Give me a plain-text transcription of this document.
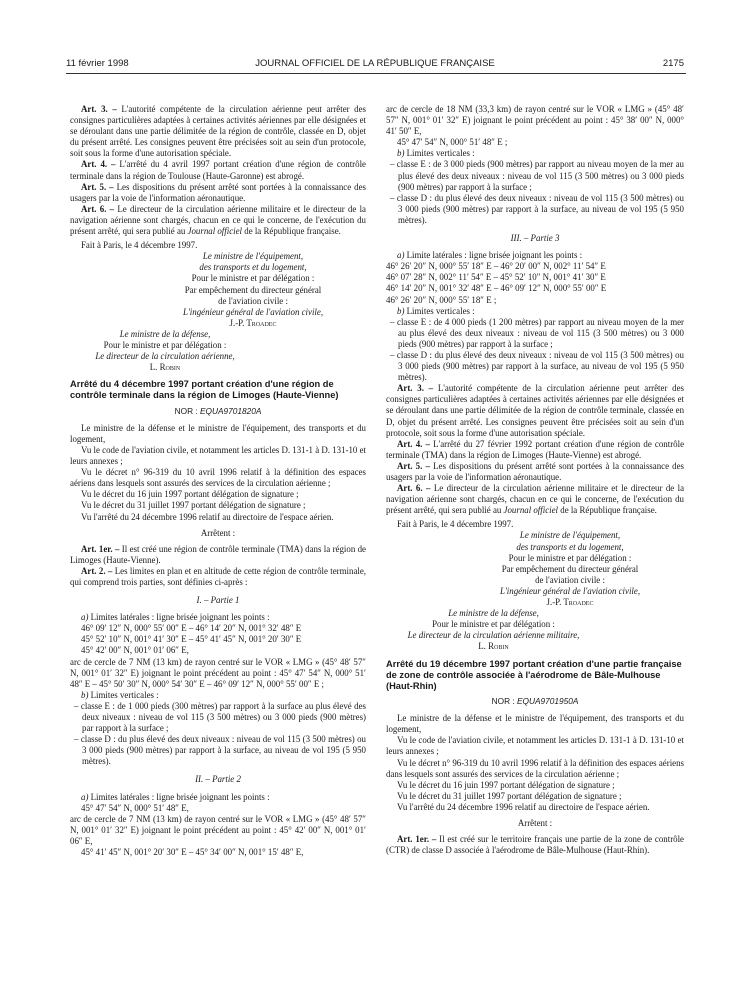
11 février 1998	JOURNAL OFFICIEL DE LA RÉPUBLIQUE FRANÇAISE	2175

Art. 3. – L'autorité compétente de la circulation aérienne peut arrêter des consignes particulières adaptées à certaines activités aériennes par elle désignées et se déroulant dans une partie délimitée de la région de contrôle, classée en D, objet du présent arrêté. Les consignes peuvent être précisées soit au sein d'un protocole, soit sous la forme d'une autorisation spéciale.

Art. 4. – L'arrêté du 4 avril 1997 portant création d'une région de contrôle terminale dans la région de Toulouse (Haute-Garonne) est abrogé.

Art. 5. – Les dispositions du présent arrêté sont portées à la connaissance des usagers par la voie de l'information aéronautique.

Art. 6. – Le directeur de la circulation aérienne militaire et le directeur de la navigation aérienne sont chargés, chacun en ce qui le concerne, de l'exécution du présent arrêté, qui sera publié au Journal officiel de la République française.

Fait à Paris, le 4 décembre 1997.

Le ministre de l'équipement,
des transports et du logement,
Pour le ministre et par délégation :
Par empêchement du directeur général
de l'aviation civile :
L'ingénieur général de l'aviation civile,
J.-P. Troadec
Le ministre de la défense,
Pour le ministre et par délégation :
Le directeur de la circulation aérienne,
L. Robin

Arrêté du 4 décembre 1997 portant création d'une région de contrôle terminale dans la région de Limoges (Haute-Vienne)

NOR : EQUA9701820A

Le ministre de la défense et le ministre de l'équipement, des transports et du logement,

Vu le code de l'aviation civile, et notamment les articles D. 131-1 à D. 131-10 et leurs annexes ;

Vu le décret n° 96-319 du 10 avril 1996 relatif à la définition des espaces aériens dans lesquels sont assurés des services de la circulation aérienne ;

Vu le décret du 16 juin 1997 portant délégation de signature ;

Vu le décret du 31 juillet 1997 portant délégation de signature ;

Vu l'arrêté du 24 décembre 1996 relatif au directoire de l'espace aérien.

Arrêtent :

Art. 1er. – Il est créé une région de contrôle terminale (TMA) dans la région de Limoges (Haute-Vienne).

Art. 2. – Les limites en plan et en altitude de cette région de contrôle terminale, qui comprend trois parties, sont définies ci-après :

I. – Partie 1

a) Limites latérales : ligne brisée joignant les points :

46° 09′ 12″ N, 000° 55′ 00″ E – 46° 14′ 20″ N, 001° 32′ 48″ E

45° 52′ 10″ N, 001° 41′ 30″ E – 45° 41′ 45″ N, 001° 20′ 30″ E

45° 42′ 00″ N, 001° 01′ 06″ E,

arc de cercle de 7 NM (13 km) de rayon centré sur le VOR « LMG » (45° 48′ 57″ N, 001° 01′ 32″ E) joignant le point précédent au point : 45° 47′ 54″ N, 000° 51′ 48″ E – 45° 50′ 30″ N, 000° 54′ 30″ E – 46° 09′ 12″ N, 000° 55′ 00″ E ;

b) Limites verticales :

– classe E : de 1 000 pieds (300 mètres) par rapport à la surface au plus élevé des deux niveaux : niveau de vol 115 (3 500 mètres) ou 3 000 pieds (900 mètres) par rapport à la surface ;

– classe D : du plus élevé des deux niveaux : niveau de vol 115 (3 500 mètres) ou 3 000 pieds (900 mètres) par rapport à la surface, au niveau de vol 195 (5 950 mètres).

II. – Partie 2

a) Limites latérales : ligne brisée joignant les points :

45° 47′ 54″ N, 000° 51′ 48″ E,

arc de cercle de 7 NM (13 km) de rayon centré sur le VOR « LMG » (45° 48′ 57″ N, 001° 01′ 32″ E) joignant le point précédent au point : 45° 42′ 00″ N, 001° 01′ 06″ E,

45° 41′ 45″ N, 001° 20′ 30″ E – 45° 34′ 00″ N, 001° 15′ 48″ E,

arc de cercle de 18 NM (33,3 km) de rayon centré sur le VOR « LMG » (45° 48′ 57″ N, 001° 01′ 32″ E) joignant le point précédent au point : 45° 38′ 00″ N, 000° 41′ 50″ E,

45° 47′ 54″ N, 000° 51′ 48″ E ;

b) Limites verticales :

– classe E : de 3 000 pieds (900 mètres) par rapport au niveau moyen de la mer au plus élevé des deux niveaux : niveau de vol 115 (3 500 mètres) ou 3 000 pieds (900 mètres) par rapport à la surface ;

– classe D : du plus élevé des deux niveaux : niveau de vol 115 (3 500 mètres) ou 3 000 pieds (900 mètres) par rapport à la surface, au niveau de vol 195 (5 950 mètres).

III. – Partie 3

a) Limite latérales : ligne brisée joignant les points :

46° 26′ 20″ N, 000° 55′ 18″ E – 46° 20′ 00″ N, 002° 11′ 54″ E

46° 07′ 28″ N, 002° 11′ 54″ E – 45° 52′ 10″ N, 001° 41′ 30″ E

46° 14′ 20″ N, 001° 32′ 48″ E – 46° 09′ 12″ N, 000° 55′ 00″ E

46° 26′ 20″ N, 000° 55′ 18″ E ;

b) Limites verticales :

– classe E : de 4 000 pieds (1 200 mètres) par rapport au niveau moyen de la mer au plus élevé des deux niveaux : niveau de vol 115 (3 500 mètres) ou 3 000 pieds (900 mètres) par rapport à la surface ;

– classe D : du plus élevé des deux niveaux : niveau de vol 115 (3 500 mètres) ou 3 000 pieds (900 mètres) par rapport à la surface, au niveau de vol 195 (5 950 mètres).

Art. 3. – L'autorité compétente de la circulation aérienne peut arrêter des consignes particulières adaptées à certaines activités aériennes par elle désignées et se déroulant dans une partie délimitée de la région de contrôle terminale, classée en D, objet du présent arrêté. Les consignes peuvent être précisées soit au sein d'un protocole, soit sous la forme d'une autorisation spéciale.

Art. 4. – L'arrêté du 27 février 1992 portant création d'une région de contrôle terminale (TMA) dans la région de Limoges (Haute-Vienne) est abrogé.

Art. 5. – Les dispositions du présent arrêté sont portées à la connaissance des usagers par la voie de l'information aéronautique.

Art. 6. – Le directeur de la circulation aérienne militaire et le directeur de la navigation aérienne sont chargés, chacun en ce qui le concerne, de l'exécution du présent arrêté, qui sera publié au Journal officiel de la République française.

Fait à Paris, le 4 décembre 1997.

Le ministre de l'équipement,
des transports et du logement,
Pour le ministre et par délégation :
Par empêchement du directeur général
de l'aviation civile :
L'ingénieur général de l'aviation civile,
J.-P. Troadec
Le ministre de la défense,
Pour le ministre et par délégation :
Le directeur de la circulation aérienne militaire,
L. Robin

Arrêté du 19 décembre 1997 portant création d'une partie française de zone de contrôle associée à l'aérodrome de Bâle-Mulhouse (Haut-Rhin)

NOR : EQUA9701950A

Le ministre de la défense et le ministre de l'équipement, des transports et du logement,

Vu le code de l'aviation civile, et notamment les articles D. 131-1 à D. 131-10 et leurs annexes ;

Vu le décret n° 96-319 du 10 avril 1996 relatif à la définition des espaces aériens dans lesquels sont assurés des services de la circulation aérienne ;

Vu le décret du 16 juin 1997 portant délégation de signature ;

Vu le décret du 31 juillet 1997 portant délégation de signature ;

Vu l'arrêté du 24 décembre 1996 relatif au directoire de l'espace aérien.

Arrêtent :

Art. 1er. – Il est créé sur le territoire français une partie de la zone de contrôle (CTR) de classe D associée à l'aérodrome de Bâle-Mulhouse (Haut-Rhin).
